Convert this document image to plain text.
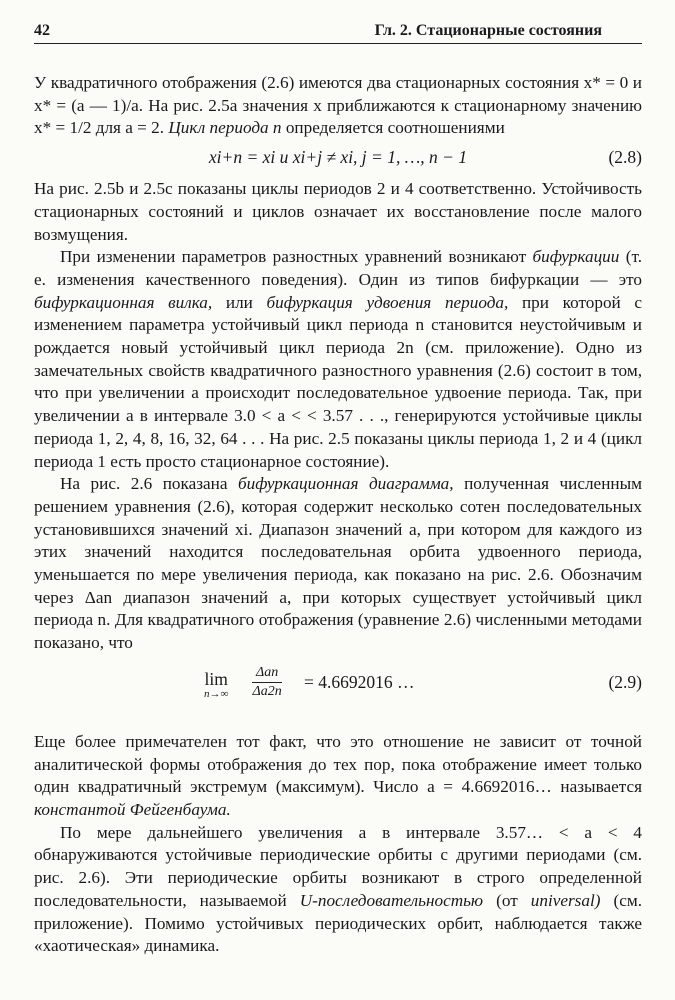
42	Гл. 2. Стационарные состояния

У квадратичного отображения (2.6) имеются два стационарных состояния x* = 0 и x* = (a — 1)/a. На рис. 2.5a значения x приближаются к стационарному значению x* = 1/2 для a = 2. Цикл периода n определяется соотношениями

xi+n = xi и xi+j ≠ xi, j = 1, …, n − 1	(2.8)

На рис. 2.5b и 2.5c показаны циклы периодов 2 и 4 соответственно. Устойчивость стационарных состояний и циклов означает их восстановление после малого возмущения.

При изменении параметров разностных уравнений возникают бифуркации (т. е. изменения качественного поведения). Один из типов бифуркации — это бифуркационная вилка, или бифуркация удвоения периода, при которой с изменением параметра устойчивый цикл периода n становится неустойчивым и рождается новый устойчивый цикл периода 2n (см. приложение). Одно из замечательных свойств квадратичного разностного уравнения (2.6) состоит в том, что при увеличении a происходит последовательное удвоение периода. Так, при увеличении a в интервале 3.0 < a < < 3.57 . . ., генерируются устойчивые циклы периода 1, 2, 4, 8, 16, 32, 64 . . . На рис. 2.5 показаны циклы периода 1, 2 и 4 (цикл периода 1 есть просто стационарное состояние).

На рис. 2.6 показана бифуркационная диаграмма, полученная численным решением уравнения (2.6), которая содержит несколько сотен последовательных установившихся значений xi. Диапазон значений a, при котором для каждого из этих значений находится последовательная орбита удвоенного периода, уменьшается по мере увеличения периода, как показано на рис. 2.6. Обозначим через Δan диапазон значений a, при которых существует устойчивый цикл периода n. Для квадратичного отображения (уравнение 2.6) численными методами показано, что

lim
n→∞
Δan
Δa2n = 4.6692016 …	(2.9)

Еще более примечателен тот факт, что это отношение не зависит от точной аналитической формы отображения до тех пор, пока отображение имеет только один квадратичный экстремум (максимум). Число a = 4.6692016… называется константой Фейгенбаума.

По мере дальнейшего увеличения a в интервале 3.57… < a < 4 обнаруживаются устойчивые периодические орбиты с другими периодами (см. рис. 2.6). Эти периодические орбиты возникают в строго определенной последовательности, называемой U-последовательностью (от universal) (см. приложение). Помимо устойчивых периодических орбит, наблюдается также «хаотическая» динамика.
